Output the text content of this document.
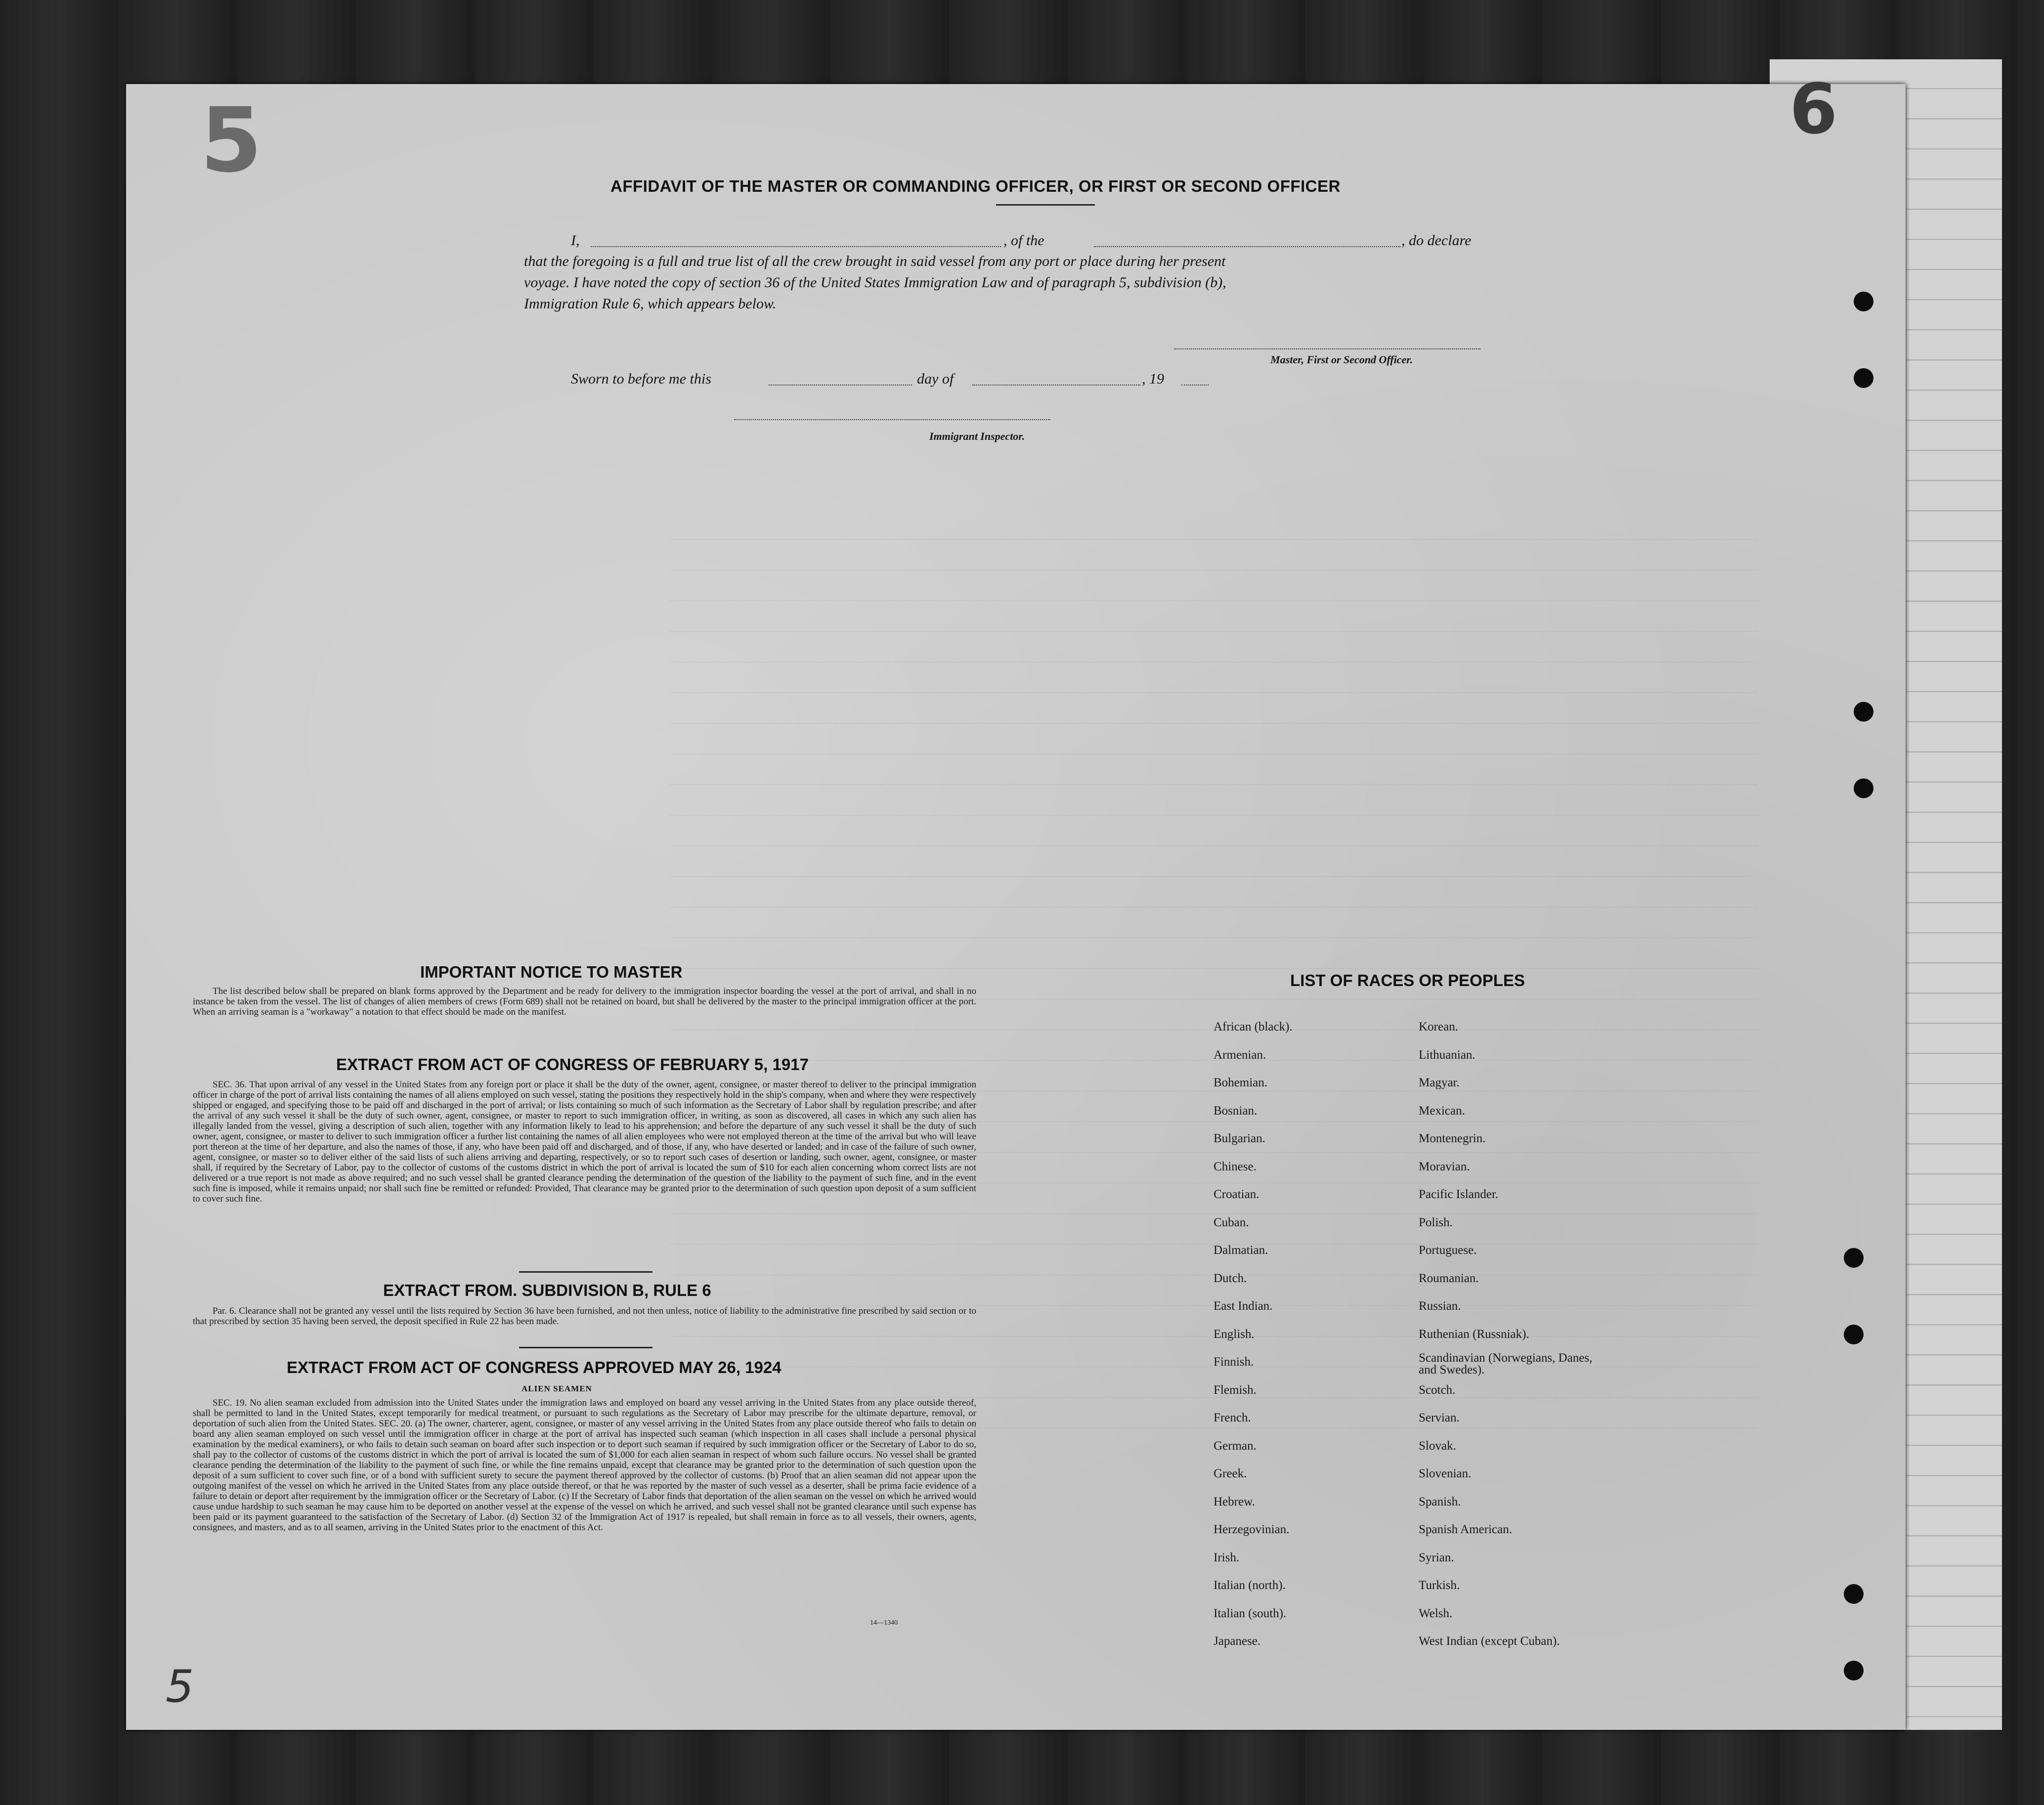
5	6
5
AFFIDAVIT OF THE MASTER OR COMMANDING OFFICER, OR FIRST OR SECOND OFFICER
I,	, of the	, do declare
that the foregoing is a full and true list of all the crew brought in said vessel from any port or place during her present
voyage. I have noted the copy of section 36 of the United States Immigration Law and of paragraph 5, subdivision (b),
Immigration Rule 6, which appears below.
Master, First or Second Officer.
Sworn to before me this	day of	, 19
Immigrant Inspector.
IMPORTANT NOTICE TO MASTER
The list described below shall be prepared on blank forms approved by the Department and be ready for delivery to the immigration inspector boarding the vessel at the port of arrival, and shall in no instance be taken from the vessel. The list of changes of alien members of crews (Form 689) shall not be retained on board, but shall be delivered by the master to the principal immigration officer at the port. When an arriving seaman is a "workaway" a notation to that effect should be made on the manifest.
EXTRACT FROM ACT OF CONGRESS OF FEBRUARY 5, 1917
SEC. 36. That upon arrival of any vessel in the United States from any foreign port or place it shall be the duty of the owner, agent, consignee, or master thereof to deliver to the principal immigration officer in charge of the port of arrival lists containing the names of all aliens employed on such vessel, stating the positions they respectively hold in the ship's company, when and where they were respectively shipped or engaged, and specifying those to be paid off and discharged in the port of arrival; or lists containing so much of such information as the Secretary of Labor shall by regulation prescribe; and after the arrival of any such vessel it shall be the duty of such owner, agent, consignee, or master to report to such immigration officer, in writing, as soon as discovered, all cases in which any such alien has illegally landed from the vessel, giving a description of such alien, together with any information likely to lead to his apprehension; and before the departure of any such vessel it shall be the duty of such owner, agent, consignee, or master to deliver to such immigration officer a further list containing the names of all alien employees who were not employed thereon at the time of the arrival but who will leave port thereon at the time of her departure, and also the names of those, if any, who have been paid off and discharged, and of those, if any, who have deserted or landed; and in case of the failure of such owner, agent, consignee, or master so to deliver either of the said lists of such aliens arriving and departing, respectively, or so to report such cases of desertion or landing, such owner, agent, consignee, or master shall, if required by the Secretary of Labor, pay to the collector of customs of the customs district in which the port of arrival is located the sum of $10 for each alien concerning whom correct lists are not delivered or a true report is not made as above required; and no such vessel shall be granted clearance pending the determination of the question of the liability to the payment of such fine, and in the event such fine is imposed, while it remains unpaid; nor shall such fine be remitted or refunded: Provided, That clearance may be granted prior to the determination of such question upon deposit of a sum sufficient to cover such fine.
EXTRACT FROM. SUBDIVISION B, RULE 6
Par. 6. Clearance shall not be granted any vessel until the lists required by Section 36 have been furnished, and not then unless, notice of liability to the administrative fine prescribed by said section or to that prescribed by section 35 having been served, the deposit specified in Rule 22 has been made.
EXTRACT FROM ACT OF CONGRESS APPROVED MAY 26, 1924
ALIEN SEAMEN
SEC. 19. No alien seaman excluded from admission into the United States under the immigration laws and employed on board any vessel arriving in the United States from any place outside thereof, shall be permitted to land in the United States, except temporarily for medical treatment, or pursuant to such regulations as the Secretary of Labor may prescribe for the ultimate departure, removal, or deportation of such alien from the United States. SEC. 20. (a) The owner, charterer, agent, consignee, or master of any vessel arriving in the United States from any place outside thereof who fails to detain on board any alien seaman employed on such vessel until the immigration officer in charge at the port of arrival has inspected such seaman (which inspection in all cases shall include a personal physical examination by the medical examiners), or who fails to detain such seaman on board after such inspection or to deport such seaman if required by such immigration officer or the Secretary of Labor to do so, shall pay to the collector of customs of the customs district in which the port of arrival is located the sum of $1,000 for each alien seaman in respect of whom such failure occurs. No vessel shall be granted clearance pending the determination of the liability to the payment of such fine, or while the fine remains unpaid, except that clearance may be granted prior to the determination of such question upon the deposit of a sum sufficient to cover such fine, or of a bond with sufficient surety to secure the payment thereof approved by the collector of customs. (b) Proof that an alien seaman did not appear upon the outgoing manifest of the vessel on which he arrived in the United States from any place outside thereof, or that he was reported by the master of such vessel as a deserter, shall be prima facie evidence of a failure to detain or deport after requirement by the immigration officer or the Secretary of Labor. (c) If the Secretary of Labor finds that deportation of the alien seaman on the vessel on which he arrived would cause undue hardship to such seaman he may cause him to be deported on another vessel at the expense of the vessel on which he arrived, and such vessel shall not be granted clearance until such expense has been paid or its payment guaranteed to the satisfaction of the Secretary of Labor. (d) Section 32 of the Immigration Act of 1917 is repealed, but shall remain in force as to all vessels, their owners, agents, consignees, and masters, and as to all seamen, arriving in the United States prior to the enactment of this Act.
14—1340
LIST OF RACES OR PEOPLES
African (black).
Armenian.
Bohemian.
Bosnian.
Bulgarian.
Chinese.
Croatian.
Cuban.
Dalmatian.
Dutch.
East Indian.
English.
Finnish.
Flemish.
French.
German.
Greek.
Hebrew.
Herzegovinian.
Irish.
Italian (north).
Italian (south).
Japanese.
Korean.
Lithuanian.
Magyar.
Mexican.
Montenegrin.
Moravian.
Pacific Islander.
Polish.
Portuguese.
Roumanian.
Russian.
Ruthenian (Russniak).
Scandinavian (Norwegians, Danes, and Swedes).
Scotch.
Servian.
Slovak.
Slovenian.
Spanish.
Spanish American.
Syrian.
Turkish.
Welsh.
West Indian (except Cuban).
